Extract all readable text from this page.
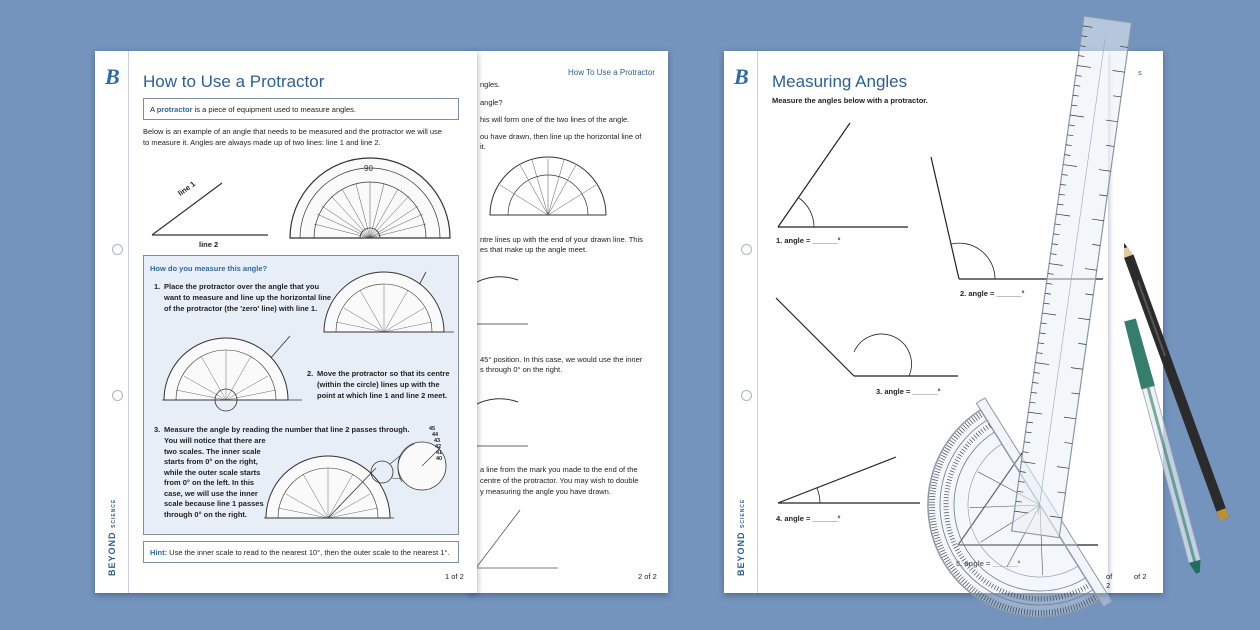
How To Use a Protractor
ngles.
angle?
his will form one of the two lines of the angle.
ou have drawn, then line up the horizontal line of
it.
ntre lines up with the end of your drawn line. This
es that make up the angle meet.
45° position. In this case, we would use the inner
s through 0° on the right.
a line from the mark you made to the end of the
centre of the protractor. You may wish to double
y measuring the angle you have drawn.
2 of 2
B
BEYOND SCIENCE
How to Use a Protractor
A protractor is a piece of equipment used to measure angles.
Below is an example of an angle that needs to be measured and the protractor we will use
to measure it. Angles are always made up of two lines: line 1 and line 2.
line 1
line 2
90
How do you measure this angle?
1. Place the protractor over the angle that you
want to measure and line up the horizontal line
of the protractor (the 'zero' line) with line 1.
2. Move the protractor so that its centre
(within the circle) lines up with the
point at which line 1 and line 2 meet.
3. Measure the angle by reading the number that line 2 passes through.
You will notice that there are
two scales. The inner scale
starts from 0° on the right,
while the outer scale starts
from 0° on the left. In this
case, we will use the inner
scale because line 1 passes
through 0° on the right.
45
44
43
42
41
40
Hint: Use the inner scale to read to the nearest 10°, then the outer scale to the nearest 1°.
1 of 2
s
of 2
B
BEYOND SCIENCE
Measuring Angles
Measure the angles below with a protractor.
1. angle = ______°
2. angle = ______°
3. angle = ______°
4. angle = ______°
of 2
